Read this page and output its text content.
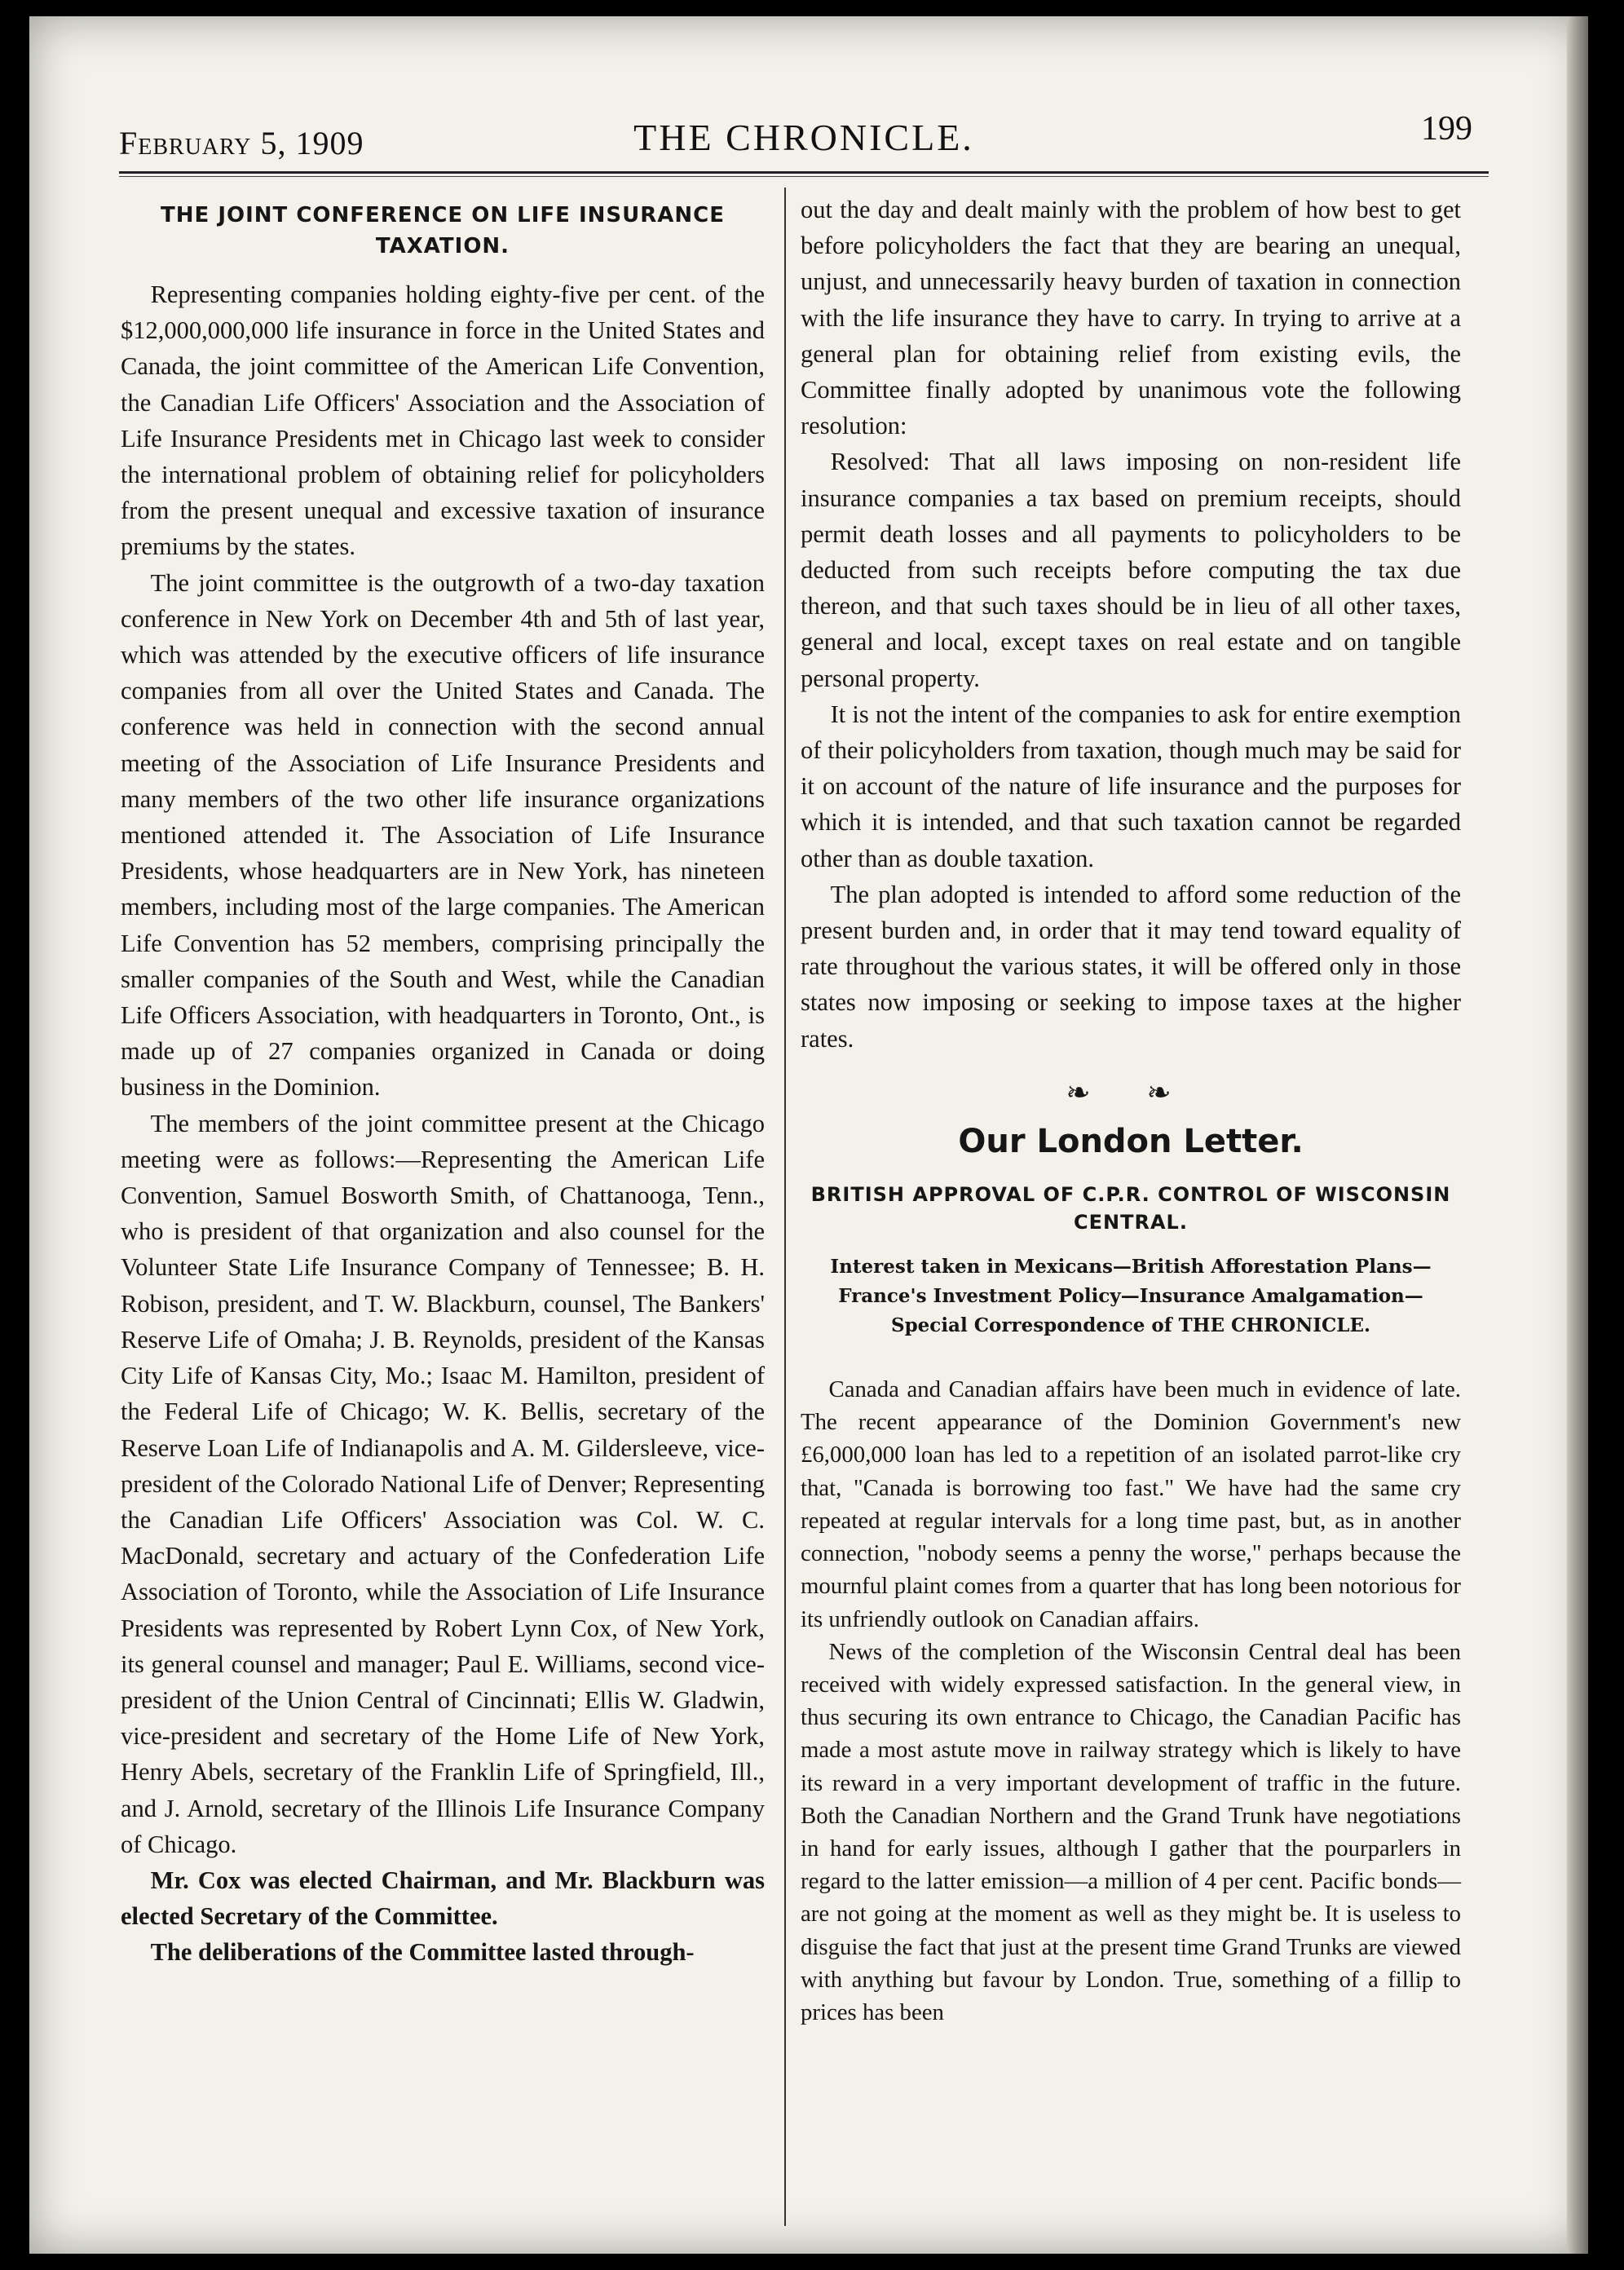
February 5, 1909	THE CHRONICLE.	199
THE JOINT CONFERENCE ON LIFE INSURANCE TAXATION.

Representing companies holding eighty-five per cent. of the $12,000,000,000 life insurance in force in the United States and Canada, the joint committee of the American Life Convention, the Canadian Life Officers' Association and the Association of Life Insurance Presidents met in Chicago last week to consider the international problem of obtaining relief for policyholders from the present unequal and excessive taxation of insurance premiums by the states.

The joint committee is the outgrowth of a two-day taxation conference in New York on December 4th and 5th of last year, which was attended by the executive officers of life insurance companies from all over the United States and Canada. The conference was held in connection with the second annual meeting of the Association of Life Insurance Presidents and many members of the two other life insurance organizations mentioned attended it. The Association of Life Insurance Presidents, whose headquarters are in New York, has nineteen members, including most of the large companies. The American Life Convention has 52 members, comprising principally the smaller companies of the South and West, while the Canadian Life Officers Association, with headquarters in Toronto, Ont., is made up of 27 companies organized in Canada or doing business in the Dominion.

The members of the joint committee present at the Chicago meeting were as follows:—Representing the American Life Convention, Samuel Bosworth Smith, of Chattanooga, Tenn., who is president of that organization and also counsel for the Volunteer State Life Insurance Company of Tennessee; B. H. Robison, president, and T. W. Blackburn, counsel, The Bankers' Reserve Life of Omaha; J. B. Reynolds, president of the Kansas City Life of Kansas City, Mo.; Isaac M. Hamilton, president of the Federal Life of Chicago; W. K. Bellis, secretary of the Reserve Loan Life of Indianapolis and A. M. Gildersleeve, vice-president of the Colorado National Life of Denver; Representing the Canadian Life Officers' Association was Col. W. C. MacDonald, secretary and actuary of the Confederation Life Association of Toronto, while the Association of Life Insurance Presidents was represented by Robert Lynn Cox, of New York, its general counsel and manager; Paul E. Williams, second vice-president of the Union Central of Cincinnati; Ellis W. Gladwin, vice-president and secretary of the Home Life of New York, Henry Abels, secretary of the Franklin Life of Springfield, Ill., and J. Arnold, secretary of the Illinois Life Insurance Company of Chicago.

Mr. Cox was elected Chairman, and Mr. Blackburn was elected Secretary of the Committee.

The deliberations of the Committee lasted through-

out the day and dealt mainly with the problem of how best to get before policyholders the fact that they are bearing an unequal, unjust, and unnecessarily heavy burden of taxation in connection with the life insurance they have to carry. In trying to arrive at a general plan for obtaining relief from existing evils, the Committee finally adopted by unanimous vote the following resolution:

Resolved: That all laws imposing on non-resident life insurance companies a tax based on premium receipts, should permit death losses and all payments to policyholders to be deducted from such receipts before computing the tax due thereon, and that such taxes should be in lieu of all other taxes, general and local, except taxes on real estate and on tangible personal property.

It is not the intent of the companies to ask for entire exemption of their policyholders from taxation, though much may be said for it on account of the nature of life insurance and the purposes for which it is intended, and that such taxation cannot be regarded other than as double taxation.

The plan adopted is intended to afford some reduction of the present burden and, in order that it may tend toward equality of rate throughout the various states, it will be offered only in those states now imposing or seeking to impose taxes at the higher rates.

❧ ❧
Our London Letter.
BRITISH APPROVAL OF C.P.R. CONTROL OF WISCONSIN CENTRAL.
Interest taken in Mexicans—British Afforestation Plans—France's Investment Policy—Insurance Amalgamation—Special Correspondence of THE CHRONICLE.

Canada and Canadian affairs have been much in evidence of late. The recent appearance of the Dominion Government's new £6,000,000 loan has led to a repetition of an isolated parrot-like cry that, "Canada is borrowing too fast." We have had the same cry repeated at regular intervals for a long time past, but, as in another connection, "nobody seems a penny the worse," perhaps because the mournful plaint comes from a quarter that has long been notorious for its unfriendly outlook on Canadian affairs.

News of the completion of the Wisconsin Central deal has been received with widely expressed satisfaction. In the general view, in thus securing its own entrance to Chicago, the Canadian Pacific has made a most astute move in railway strategy which is likely to have its reward in a very important development of traffic in the future. Both the Canadian Northern and the Grand Trunk have negotiations in hand for early issues, although I gather that the pourparlers in regard to the latter emission—a million of 4 per cent. Pacific bonds—are not going at the moment as well as they might be. It is useless to disguise the fact that just at the present time Grand Trunks are viewed with anything but favour by London. True, something of a fillip to prices has been
